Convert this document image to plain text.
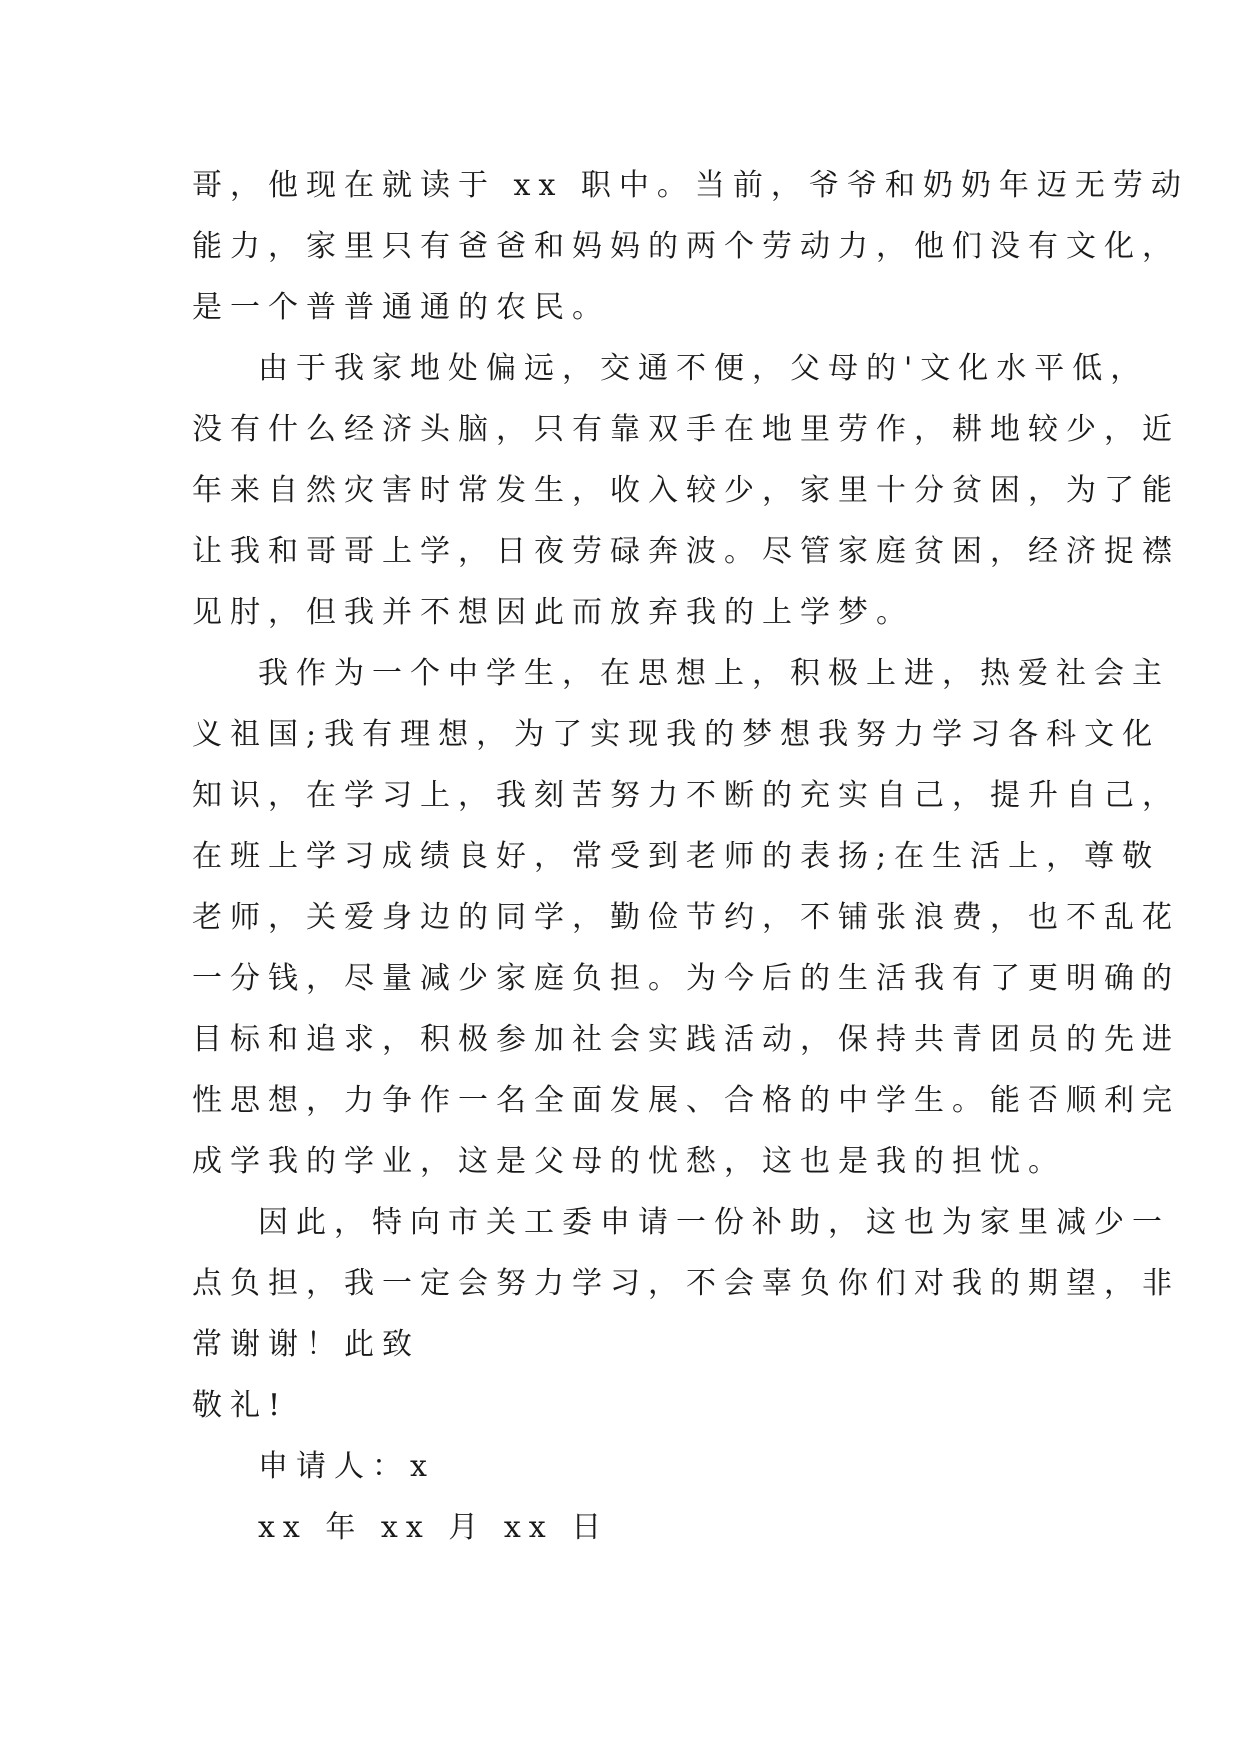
哥，他现在就读于 xx 职中。当前，爷爷和奶奶年迈无劳动
能力，家里只有爸爸和妈妈的两个劳动力，他们没有文化，
是一个普普通通的农民。
由于我家地处偏远，交通不便，父母的'文化水平低，
没有什么经济头脑，只有靠双手在地里劳作，耕地较少，近
年来自然灾害时常发生，收入较少，家里十分贫困，为了能
让我和哥哥上学，日夜劳碌奔波。尽管家庭贫困，经济捉襟
见肘，但我并不想因此而放弃我的上学梦。
我作为一个中学生，在思想上，积极上进，热爱社会主
义祖国;我有理想，为了实现我的梦想我努力学习各科文化
知识，在学习上，我刻苦努力不断的充实自己，提升自己，
在班上学习成绩良好，常受到老师的表扬;在生活上，尊敬
老师，关爱身边的同学，勤俭节约，不铺张浪费，也不乱花
一分钱，尽量减少家庭负担。为今后的生活我有了更明确的
目标和追求，积极参加社会实践活动，保持共青团员的先进
性思想，力争作一名全面发展、合格的中学生。能否顺利完
成学我的学业，这是父母的忧愁，这也是我的担忧。
因此，特向市关工委申请一份补助，这也为家里减少一
点负担，我一定会努力学习，不会辜负你们对我的期望，非
常谢谢！此致
敬礼!
申请人：x
xx 年 xx 月 xx 日
